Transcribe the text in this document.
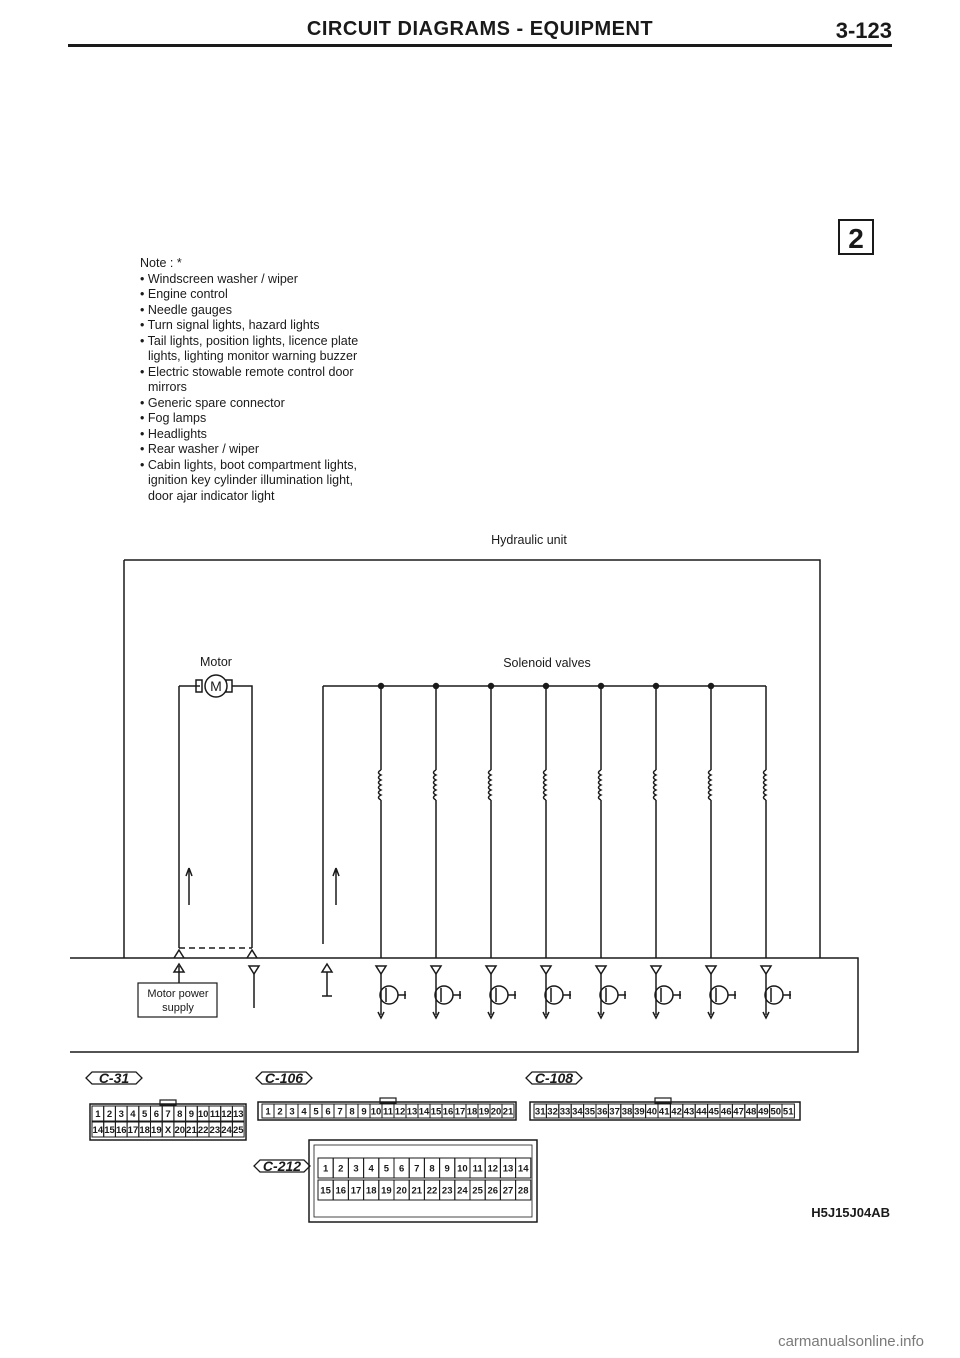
CIRCUIT DIAGRAMS - EQUIPMENT	3-123
2

Note : *

• Windscreen washer / wiper
• Engine control
• Needle gauges
• Turn signal lights, hazard lights
• Tail lights, position lights, licence plate lights, lighting monitor warning buzzer
• Electric stowable remote control door mirrors
• Generic spare connector
• Fog lamps
• Headlights
• Rear washer / wiper
• Cabin lights, boot compartment lights, ignition key cylinder illumination light, door ajar indicator light
Motor power
supply
M
Hydraulic unit
Motor	Solenoid valves
C-31
1 2 3 4 5 6 7 8 9 10 11 12 13
14 15 16 17 18 19 X 20 21 22 23 24 25
C-106
1 2 3 4 5 6 7 8 9 10 11 12 13 14 15 16 17 18 19 20 21
C-108
31 32 33 34 35 36 37 38 39 40 41 42 43 44 45 46 47 48 49 50 51
C-212 1 2 3 4 5 6 7 8 9 10 11 12 13 14
15 16 17 18 19 20 21 22 23 24 25 26 27 28
H5J15J04AB
carmanualsonline.info
